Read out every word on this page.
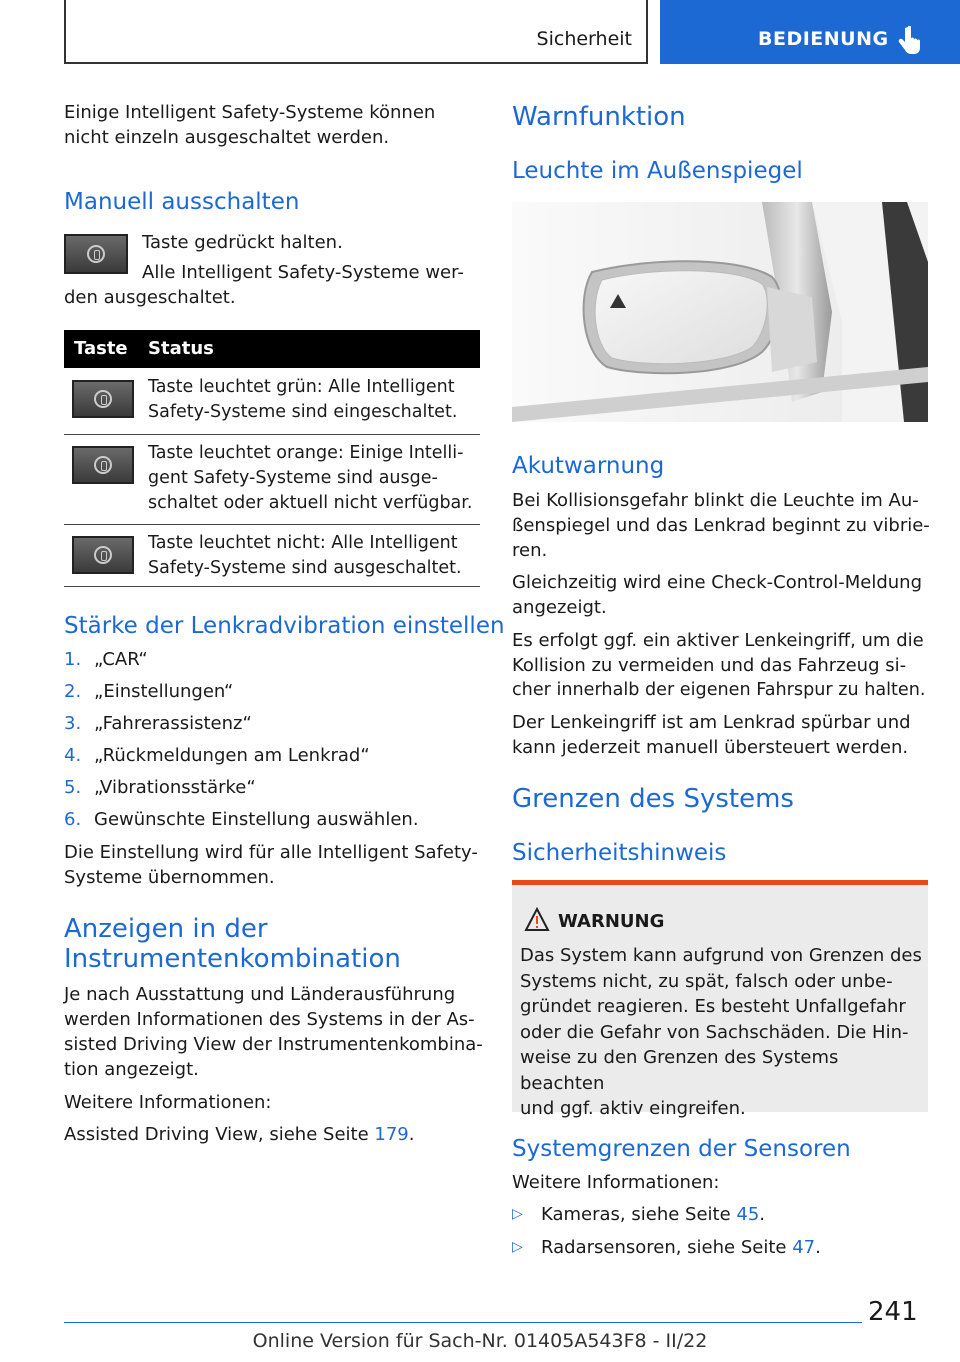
Sicherheit	BEDIENUNG
Einige Intelligent Safety-Systeme können nicht einzeln ausgeschaltet werden.
Manuell ausschalten
Taste gedrückt halten.
Alle Intelligent Safety-Systeme wer-
den ausgeschaltet.
Taste Status
Taste leuchtet grün: Alle Intelligent
Safety-Systeme sind eingeschaltet.
Taste leuchtet orange: Einige Intelli-
gent Safety-Systeme sind ausge-
schaltet oder aktuell nicht verfügbar.
Taste leuchtet nicht: Alle Intelligent
Safety-Systeme sind ausgeschaltet.
Stärke der Lenkradvibration einstellen
1. „CAR“
2. „Einstellungen“
3. „Fahrerassistenz“
4. „Rückmeldungen am Lenkrad“
5. „Vibrationsstärke“
6. Gewünschte Einstellung auswählen.
Die Einstellung wird für alle Intelligent Safety-
Systeme übernommen.
Anzeigen in der
Instrumentenkombination
Je nach Ausstattung und Länderausführung
werden Informationen des Systems in der As-
sisted Driving View der Instrumentenkombina-
tion angezeigt.
Weitere Informationen:
Assisted Driving View, siehe Seite 179.
Warnfunktion
Leuchte im Außenspiegel
Akutwarnung
Bei Kollisionsgefahr blinkt die Leuchte im Au-
ßenspiegel und das Lenkrad beginnt zu vibrie-
ren.
Gleichzeitig wird eine Check-Control-Meldung
angezeigt.
Es erfolgt ggf. ein aktiver Lenkeingriff, um die
Kollision zu vermeiden und das Fahrzeug si-
cher innerhalb der eigenen Fahrspur zu halten.
Der Lenkeingriff ist am Lenkrad spürbar und
kann jederzeit manuell übersteuert werden.
Grenzen des Systems
Sicherheitshinweis
WARNUNG
Das System kann aufgrund von Grenzen des
Systems nicht, zu spät, falsch oder unbe-
gründet reagieren. Es besteht Unfallgefahr
oder die Gefahr von Sachschäden. Die Hin-
weise zu den Grenzen des Systems beachten
und ggf. aktiv eingreifen.
Systemgrenzen der Sensoren
Weitere Informationen:
▷ Kameras, siehe Seite 45.
▷ Radarsensoren, siehe Seite 47.
241
Online Version für Sach-Nr. 01405A543F8 - II/22
